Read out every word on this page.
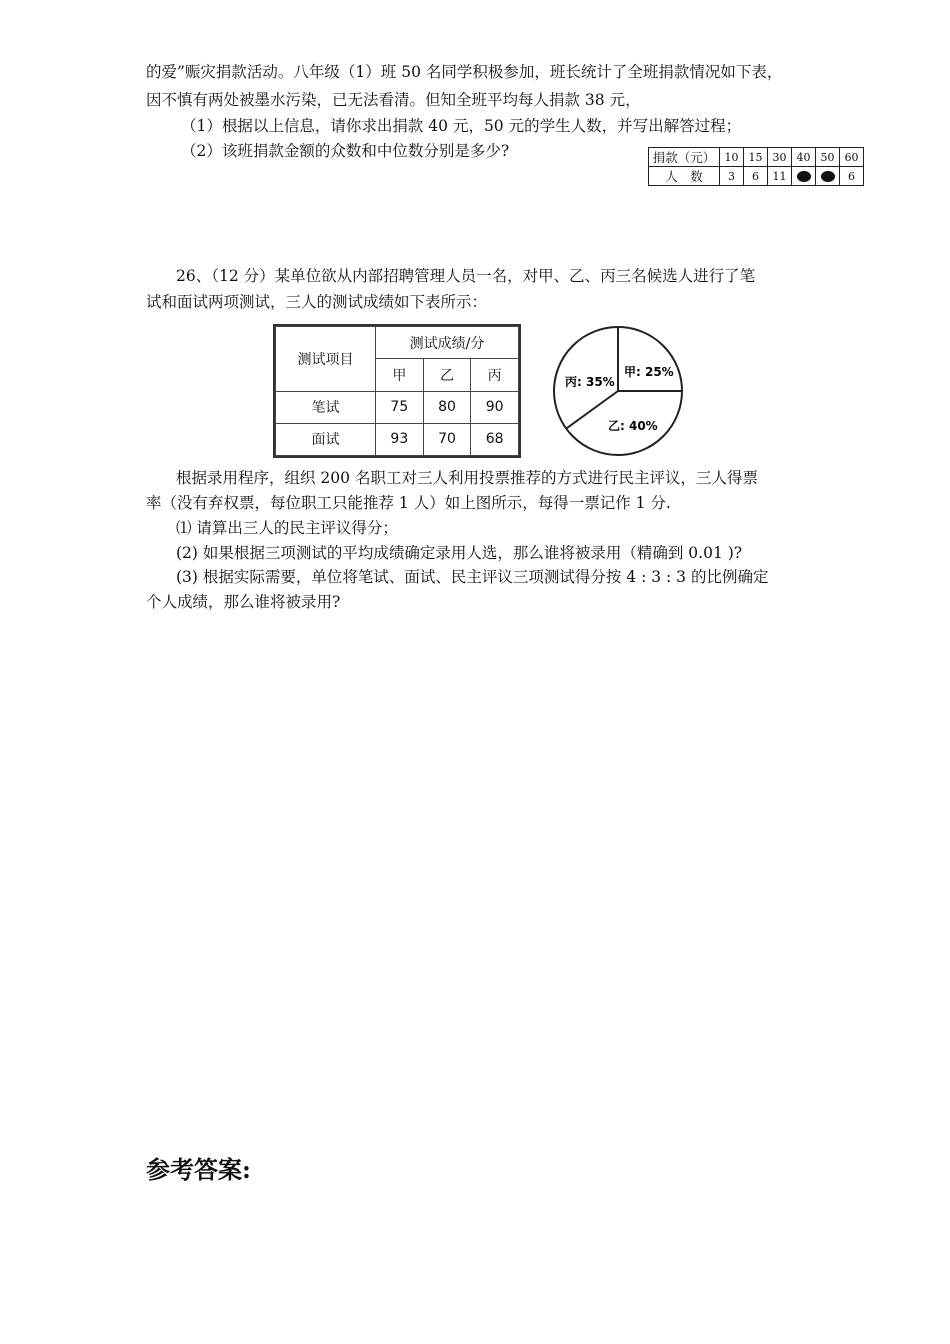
的爱”赈灾捐款活动。八年级（1）班 50 名同学积极参加，班长统计了全班捐款情况如下表，
因不慎有两处被墨水污染，已无法看清。但知全班平均每人捐款 38 元，
（1）根据以上信息，请你求出捐款 40 元，50 元的学生人数，并写出解答过程；
（2）该班捐款金额的众数和中位数分别是多少?	捐款（元）	10	15	30	40	50	60
人　数	3	6	11			6
26、（12 分）某单位欲从内部招聘管理人员一名，对甲、乙、丙三名候选人进行了笔
试和面试两项测试，三人的测试成绩如下表所示：
测试项目	测试成绩/分		
	甲	乙	丙
笔试	75	80	90
面试	93	70	68
甲: 25%
乙: 40%
丙: 35%
根据录用程序，组织 200 名职工对三人利用投票推荐的方式进行民主评议，三人得票
率（没有弃权票，每位职工只能推荐 1 人）如上图所示，每得一票记作 1 分.
⑴ 请算出三人的民主评议得分；
(2) 如果根据三项测试的平均成绩确定录用人选，那么谁将被录用（精确到 0.01 )?
(3) 根据实际需要，单位将笔试、面试、民主评议三项测试得分按 4 : 3 : 3 的比例确定
个人成绩，那么谁将被录用?
参考答案:
